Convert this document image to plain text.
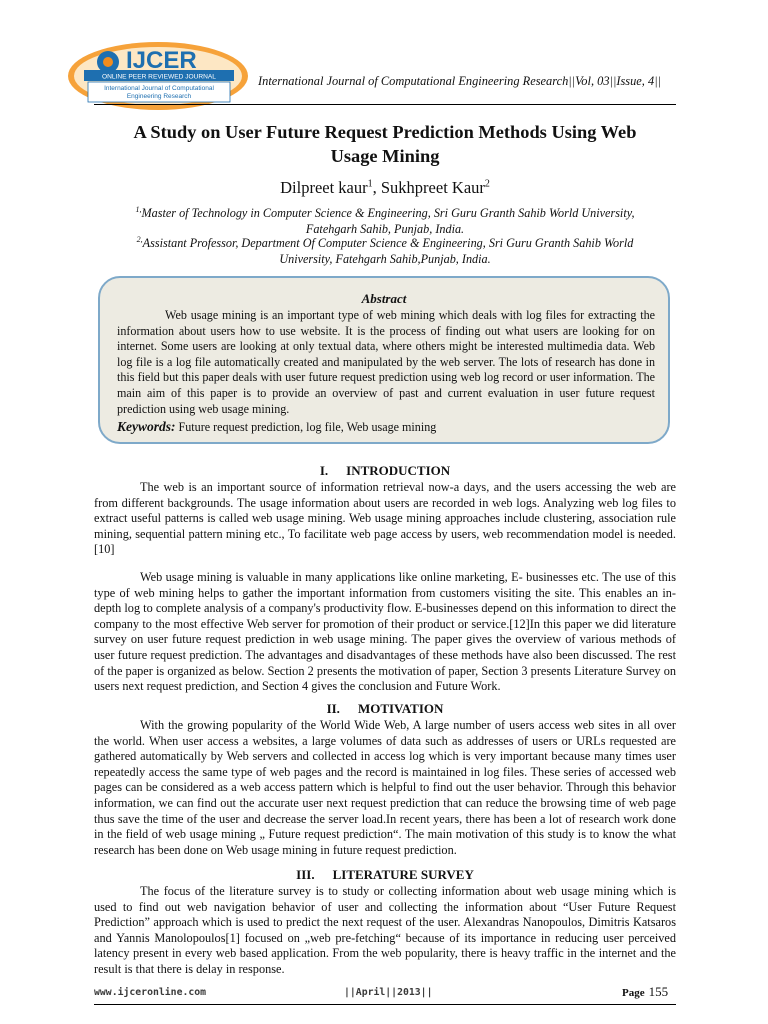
IJCER
ONLINE PEER REVIEWED JOURNAL
International Journal of Computational
Engineering Research
International Journal of Computational Engineering Research||Vol, 03||Issue, 4||
A Study on User Future Request Prediction Methods Using Web
Usage Mining
Dilpreet kaur$^1$, Sukhpreet Kaur$^2$
$^{1,}$Master of Technology in Computer Science & Engineering, Sri Guru Granth Sahib World University, Fatehgarh Sahib, Punjab, India.
$^{2,}$Assistant Professor, Department Of Computer Science & Engineering, Sri Guru Granth Sahib World University, Fatehgarh Sahib,Punjab, India.
Abstract

Web usage mining is an important type of web mining which deals with log files for extracting the information about users how to use website. It is the process of finding out what users are looking for on internet. Some users are looking at only textual data, where others might be interested multimedia data. Web log file is a log file automatically created and manipulated by the web server. The lots of research has done in this field but this paper deals with user future request prediction using web log record or user information. The main aim of this paper is to provide an overview of past and current evaluation in user future request prediction using web usage mining.

Keywords: Future request prediction, log file, Web usage mining
I. INTRODUCTION

The web is an important source of information retrieval now-a days, and the users accessing the web are from different backgrounds. The usage information about users are recorded in web logs. Analyzing web log files to extract useful patterns is called web usage mining. Web usage mining approaches include clustering, association rule mining, sequential pattern mining etc., To facilitate web page access by users, web recommendation model is needed.[10]

Web usage mining is valuable in many applications like online marketing, E- businesses etc. The use of this type of web mining helps to gather the important information from customers visiting the site. This enables an in-depth log to complete analysis of a company's productivity flow. E-businesses depend on this information to direct the company to the most effective Web server for promotion of their product or service.[12]In this paper we did literature survey on user future request prediction in web usage mining. The paper gives the overview of various methods of user future request prediction. The advantages and disadvantages of these methods have also been discussed. The rest of the paper is organized as below. Section 2 presents the motivation of paper, Section 3 presents Literature Survey on users next request prediction, and Section 4 gives the conclusion and Future Work.

II. MOTIVATION

With the growing popularity of the World Wide Web, A large number of users access web sites in all over the world. When user access a websites, a large volumes of data such as addresses of users or URLs requested are gathered automatically by Web servers and collected in access log which is very important because many times user repeatedly access the same type of web pages and the record is maintained in log files. These series of accessed web pages can be considered as a web access pattern which is helpful to find out the user behavior. Through this behavior information, we can find out the accurate user next request prediction that can reduce the browsing time of web page thus save the time of the user and decrease the server load.In recent years, there has been a lot of research work done in the field of web usage mining „ Future request prediction“. The main motivation of this study is to know the what research has been done on Web usage mining in future request prediction.

III. LITERATURE SURVEY

The focus of the literature survey is to study or collecting information about web usage mining which is used to find out web navigation behavior of user and collecting the information about “User Future Request Prediction” approach which is used to predict the next request of the user. Alexandras Nanopoulos, Dimitris Katsaros and Yannis Manolopoulos[1] focused on „web pre-fetching“ because of its importance in reducing user perceived latency present in every web based application. From the web popularity, there is heavy traffic in the internet and the result is that there is delay in response.

www.ijceronline.com	||April||2013||	Page 155
